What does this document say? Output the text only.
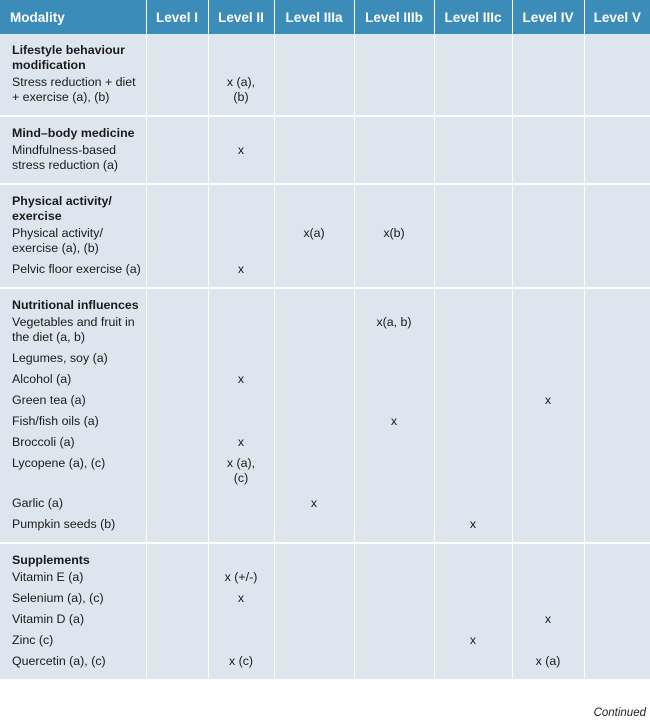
Modality	Level I	Level II	Level IIIa	Level IIIb	Level IIIc	Level IV	Level V
Lifestyle behaviour modification							
Stress reduction + diet + exercise (a), (b)		x (a), (b)					

Mind–body medicine							
Mindfulness-based stress reduction (a)		x					

Physical activity/ exercise							
Physical activity/ exercise (a), (b)			x(a)	x(b)			
Pelvic floor exercise (a)		x					

Nutritional influences							
Vegetables and fruit in the diet (a, b)				x(a, b)			
Legumes, soy (a)							
Alcohol (a)		x					
Green tea (a)						x	
Fish/fish oils (a)				x			
Broccoli (a)		x					
Lycopene (a), (c)		x (a), (c)					
Garlic (a)			x				
Pumpkin seeds (b)					x		

Supplements							
Vitamin E (a)		x (+/-)					
Selenium (a), (c)		x					
Vitamin D (a)						x	
Zinc (c)					x		
Quercetin (a), (c)		x (c)				x (a)	

Continued
